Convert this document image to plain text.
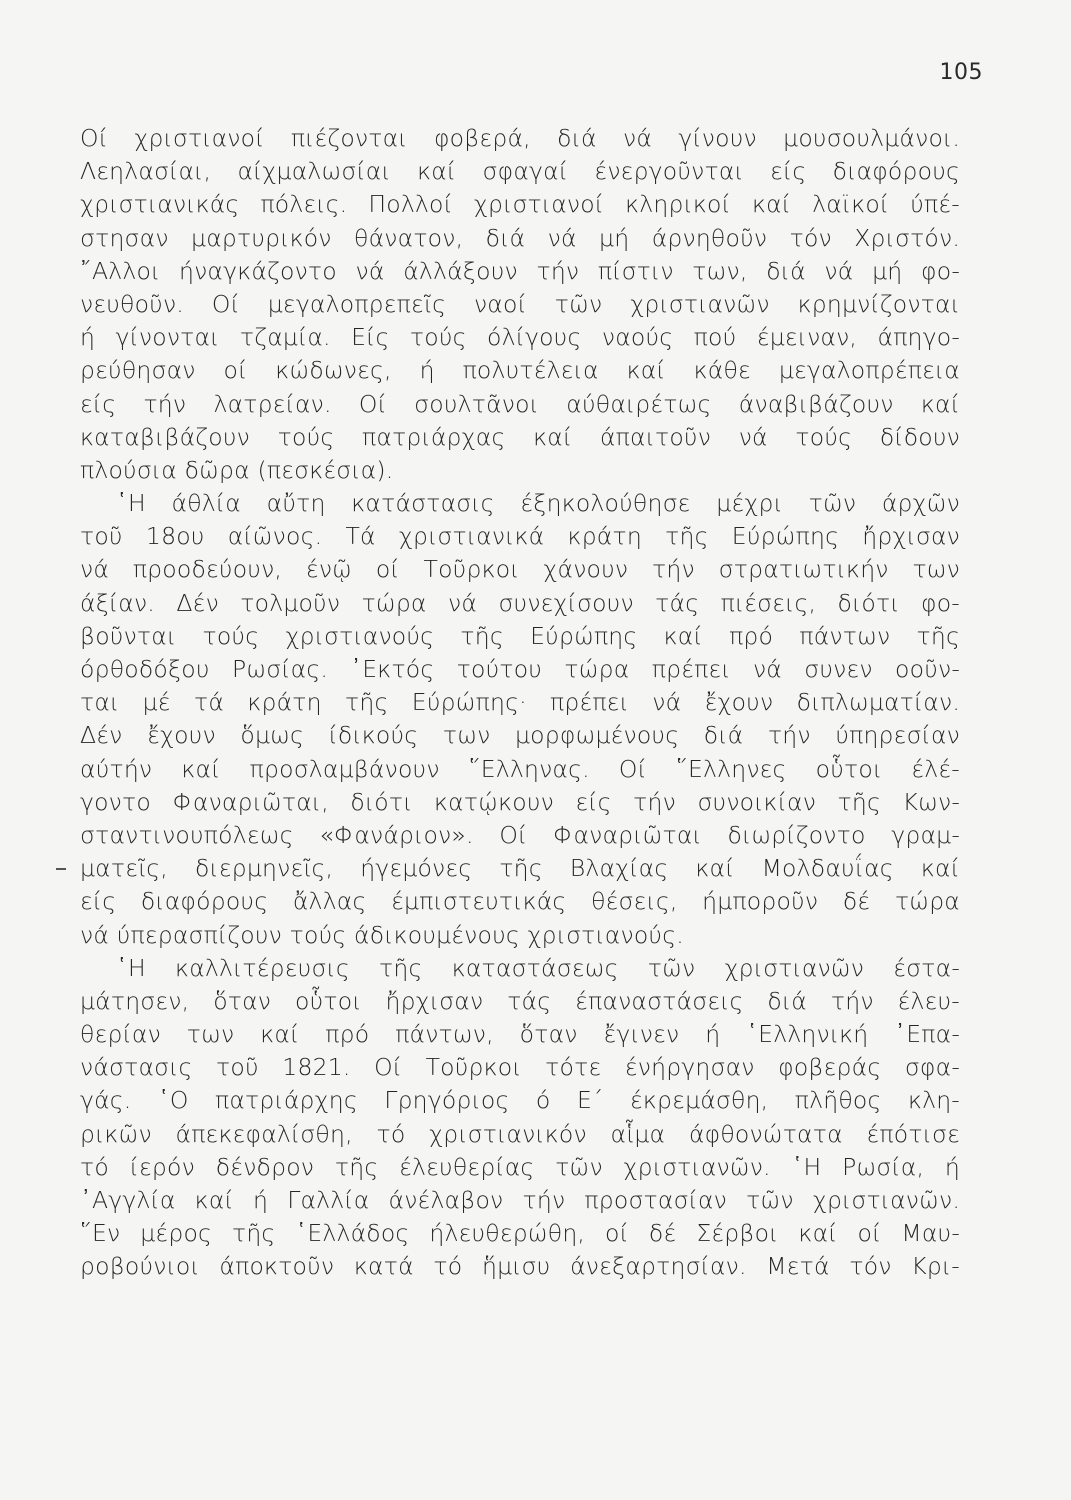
105
Οί χριστιανοί πιέζονται φοβερά, διά νά γίνουν μουσουλμάνοι.
Λεηλασίαι, αίχμαλωσίαι καί σφαγαί ένεργοῦνται είς διαφόρους
χριστιανικάς πόλεις. Πολλοί χριστιανοί κληρικοί καί λαϊκοί ύπέ-
στησαν μαρτυρικόν θάνατον, διά νά μή άρνηθοῦν τόν Χριστόν.
῎Αλλοι ήναγκάζοντο νά άλλάξουν τήν πίστιν των, διά νά μή φο-
νευθοῦν. Οί μεγαλοπρεπεῖς ναοί τῶν χριστιανῶν κρημνίζονται
ή γίνονται τζαμία. Είς τούς όλίγους ναούς πού έμειναν, άπηγο-
ρεύθησαν οί κώδωνες, ή πολυτέλεια καί κάθε μεγαλοπρέπεια
είς τήν λατρείαν. Οί σουλτᾶνοι αύθαιρέτως άναβιβάζουν καί
καταβιβάζουν τούς πατριάρχας καί άπαιτοῦν νά τούς δίδουν
πλούσια δῶρα (πεσκέσια).
῾Η άθλία αὔτη κατάστασις έξηκολούθησε μέχρι τῶν άρχῶν
τοῦ 18ου αίῶνος. Τά χριστιανικά κράτη τῆς Εύρώπης ἤρχισαν
νά προοδεύουν, ένῷ οί Τοῦρκοι χάνουν τήν στρατιωτικήν των
άξίαν. Δέν τολμοῦν τώρα νά συνεχίσουν τάς πιέσεις, διότι φο-
βοῦνται τούς χριστιανούς τῆς Εύρώπης καί πρό πάντων τῆς
όρθοδόξου Ρωσίας. ᾽Εκτός τούτου τώρα πρέπει νά συνεν οοῦν-
ται μέ τά κράτη τῆς Εύρώπης· πρέπει νά ἔχουν διπλωματίαν.
Δέν ἔχουν ὅμως ίδικούς των μορφωμένους διά τήν ύπηρεσίαν
αύτήν καί προσλαμβάνουν ῞Ελληνας. Οί ῞Ελληνες οὗτοι έλέ-
γοντο Φαναριῶται, διότι κατῴκουν είς τήν συνοικίαν τῆς Κων-
σταντινουπόλεως «Φανάριον». Οί Φαναριῶται διωρίζοντο γραμ-
ματεῖς, διερμηνεῖς, ήγεμόνες τῆς Βλαχίας καί Μολδαυΐας καί
είς διαφόρους ἄλλας έμπιστευτικάς θέσεις, ήμποροῦν δέ τώρα
νά ύπερασπίζουν τούς άδικουμένους χριστιανούς.
῾Η καλλιτέρευσις τῆς καταστάσεως τῶν χριστιανῶν έστα-
μάτησεν, ὅταν οὗτοι ἤρχισαν τάς έπαναστάσεις διά τήν έλευ-
θερίαν των καί πρό πάντων, ὅταν ἔγινεν ή ῾Ελληνική ᾽Επα-
νάστασις τοῦ 1821. Οί Τοῦρκοι τότε ένήργησαν φοβεράς σφα-
γάς. ῾Ο πατριάρχης Γρηγόριος ό Ε΄ έκρεμάσθη, πλῆθος κλη-
ρικῶν άπεκεφαλίσθη, τό χριστιανικόν αἷμα άφθονώτατα έπότισε
τό ίερόν δένδρον τῆς έλευθερίας τῶν χριστιανῶν. ῾Η Ρωσία, ή
᾽Αγγλία καί ή Γαλλία άνέλαβον τήν προστασίαν τῶν χριστιανῶν.
῞Εν μέρος τῆς ῾Ελλάδος ήλευθερώθη, οί δέ Σέρβοι καί οί Μαυ-
ροβούνιοι άποκτοῦν κατά τό ἥμισυ άνεξαρτησίαν. Μετά τόν Κρι-
